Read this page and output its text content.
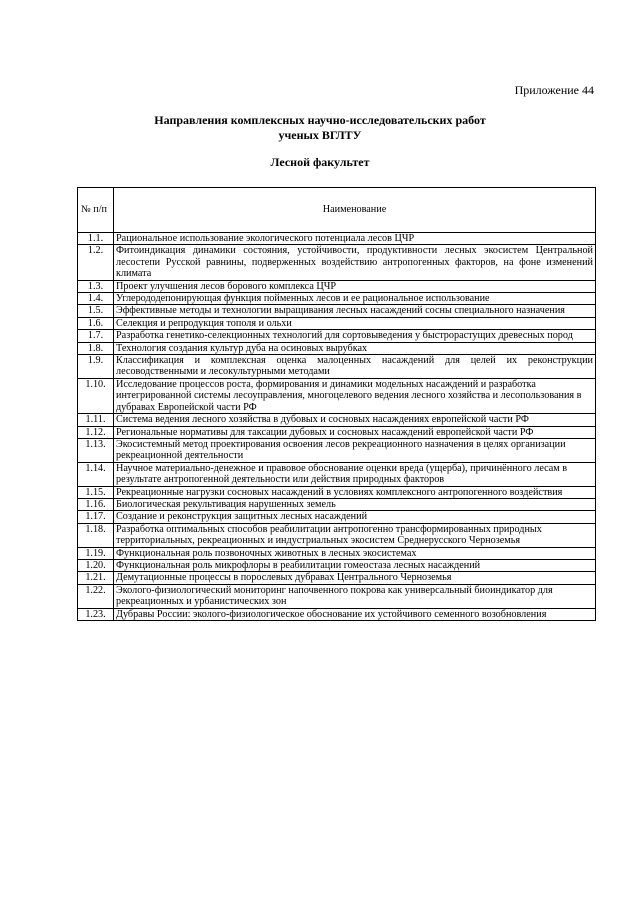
Приложение 44
Направления комплексных научно-исследовательских работ
ученых ВГЛТУ
Лесной факультет
№ п/п	Наименование
1.1.	Рациональное использование экологического потенциала лесов ЦЧР
1.2.	Фитоиндикация динамики состояния, устойчивости, продуктивности лесных экосистем Центральной лесостепи Русской равнины, подверженных воздействию антропогенных факторов, на фоне изменений климата
1.3.	Проект улучшения лесов борового комплекса ЦЧР
1.4.	Углерододепонирующая функция пойменных лесов и ее рациональное использование
1.5.	Эффективные методы и технологии выращивания лесных насаждений сосны специального назначения
1.6.	Селекция и репродукция тополя и ольхи
1.7.	Разработка генетико-селекционных технологий для сортовыведения у быстрорастущих древесных пород
1.8.	Технология создания культур дуба на осиновых вырубках
1.9.	Классификация и комплексная оценка малоценных насаждений для целей их реконструкции лесоводственными и лесокультурными методами
1.10.	Исследование процессов роста, формирования и динамики модельных насаждений и разработка интегрированной системы лесоуправления, многоцелевого ведения лесного хозяйства и лесопользования в дубравах Европейской части РФ
1.11.	Система ведения лесного хозяйства в дубовых и сосновых насаждениях европейской части РФ
1.12.	Региональные нормативы для таксации дубовых и сосновых насаждений европейской части РФ
1.13.	Экосистемный метод проектирования освоения лесов рекреационного назначения в целях организации рекреационной деятельности
1.14.	Научное материально-денежное и правовое обоснование оценки вреда (ущерба), причинённого лесам в результате антропогенной деятельности или действия природных факторов
1.15.	Рекреационные нагрузки сосновых насаждений в условиях комплексного антропогенного воздействия
1.16.	Биологическая рекультивация нарушенных земель
1.17.	Создание и реконструкция защитных лесных насаждений
1.18.	Разработка оптимальных способов реабилитации антропогенно трансформированных природных территориальных, рекреационных и индустриальных экосистем Среднерусского Черноземья
1.19.	Функциональная роль позвоночных животных в лесных экосистемах
1.20.	Функциональная роль микрофлоры в реабилитации гомеостаза лесных насаждений
1.21.	Демутационные процессы в порослевых дубравах Центрального Черноземья
1.22.	Эколого-физиологический мониторинг напочвенного покрова как универсальный биоиндикатор для рекреационных и урбанистических зон
1.23.	Дубравы России: эколого-физиологическое обоснование их устойчивого семенного возобновления
